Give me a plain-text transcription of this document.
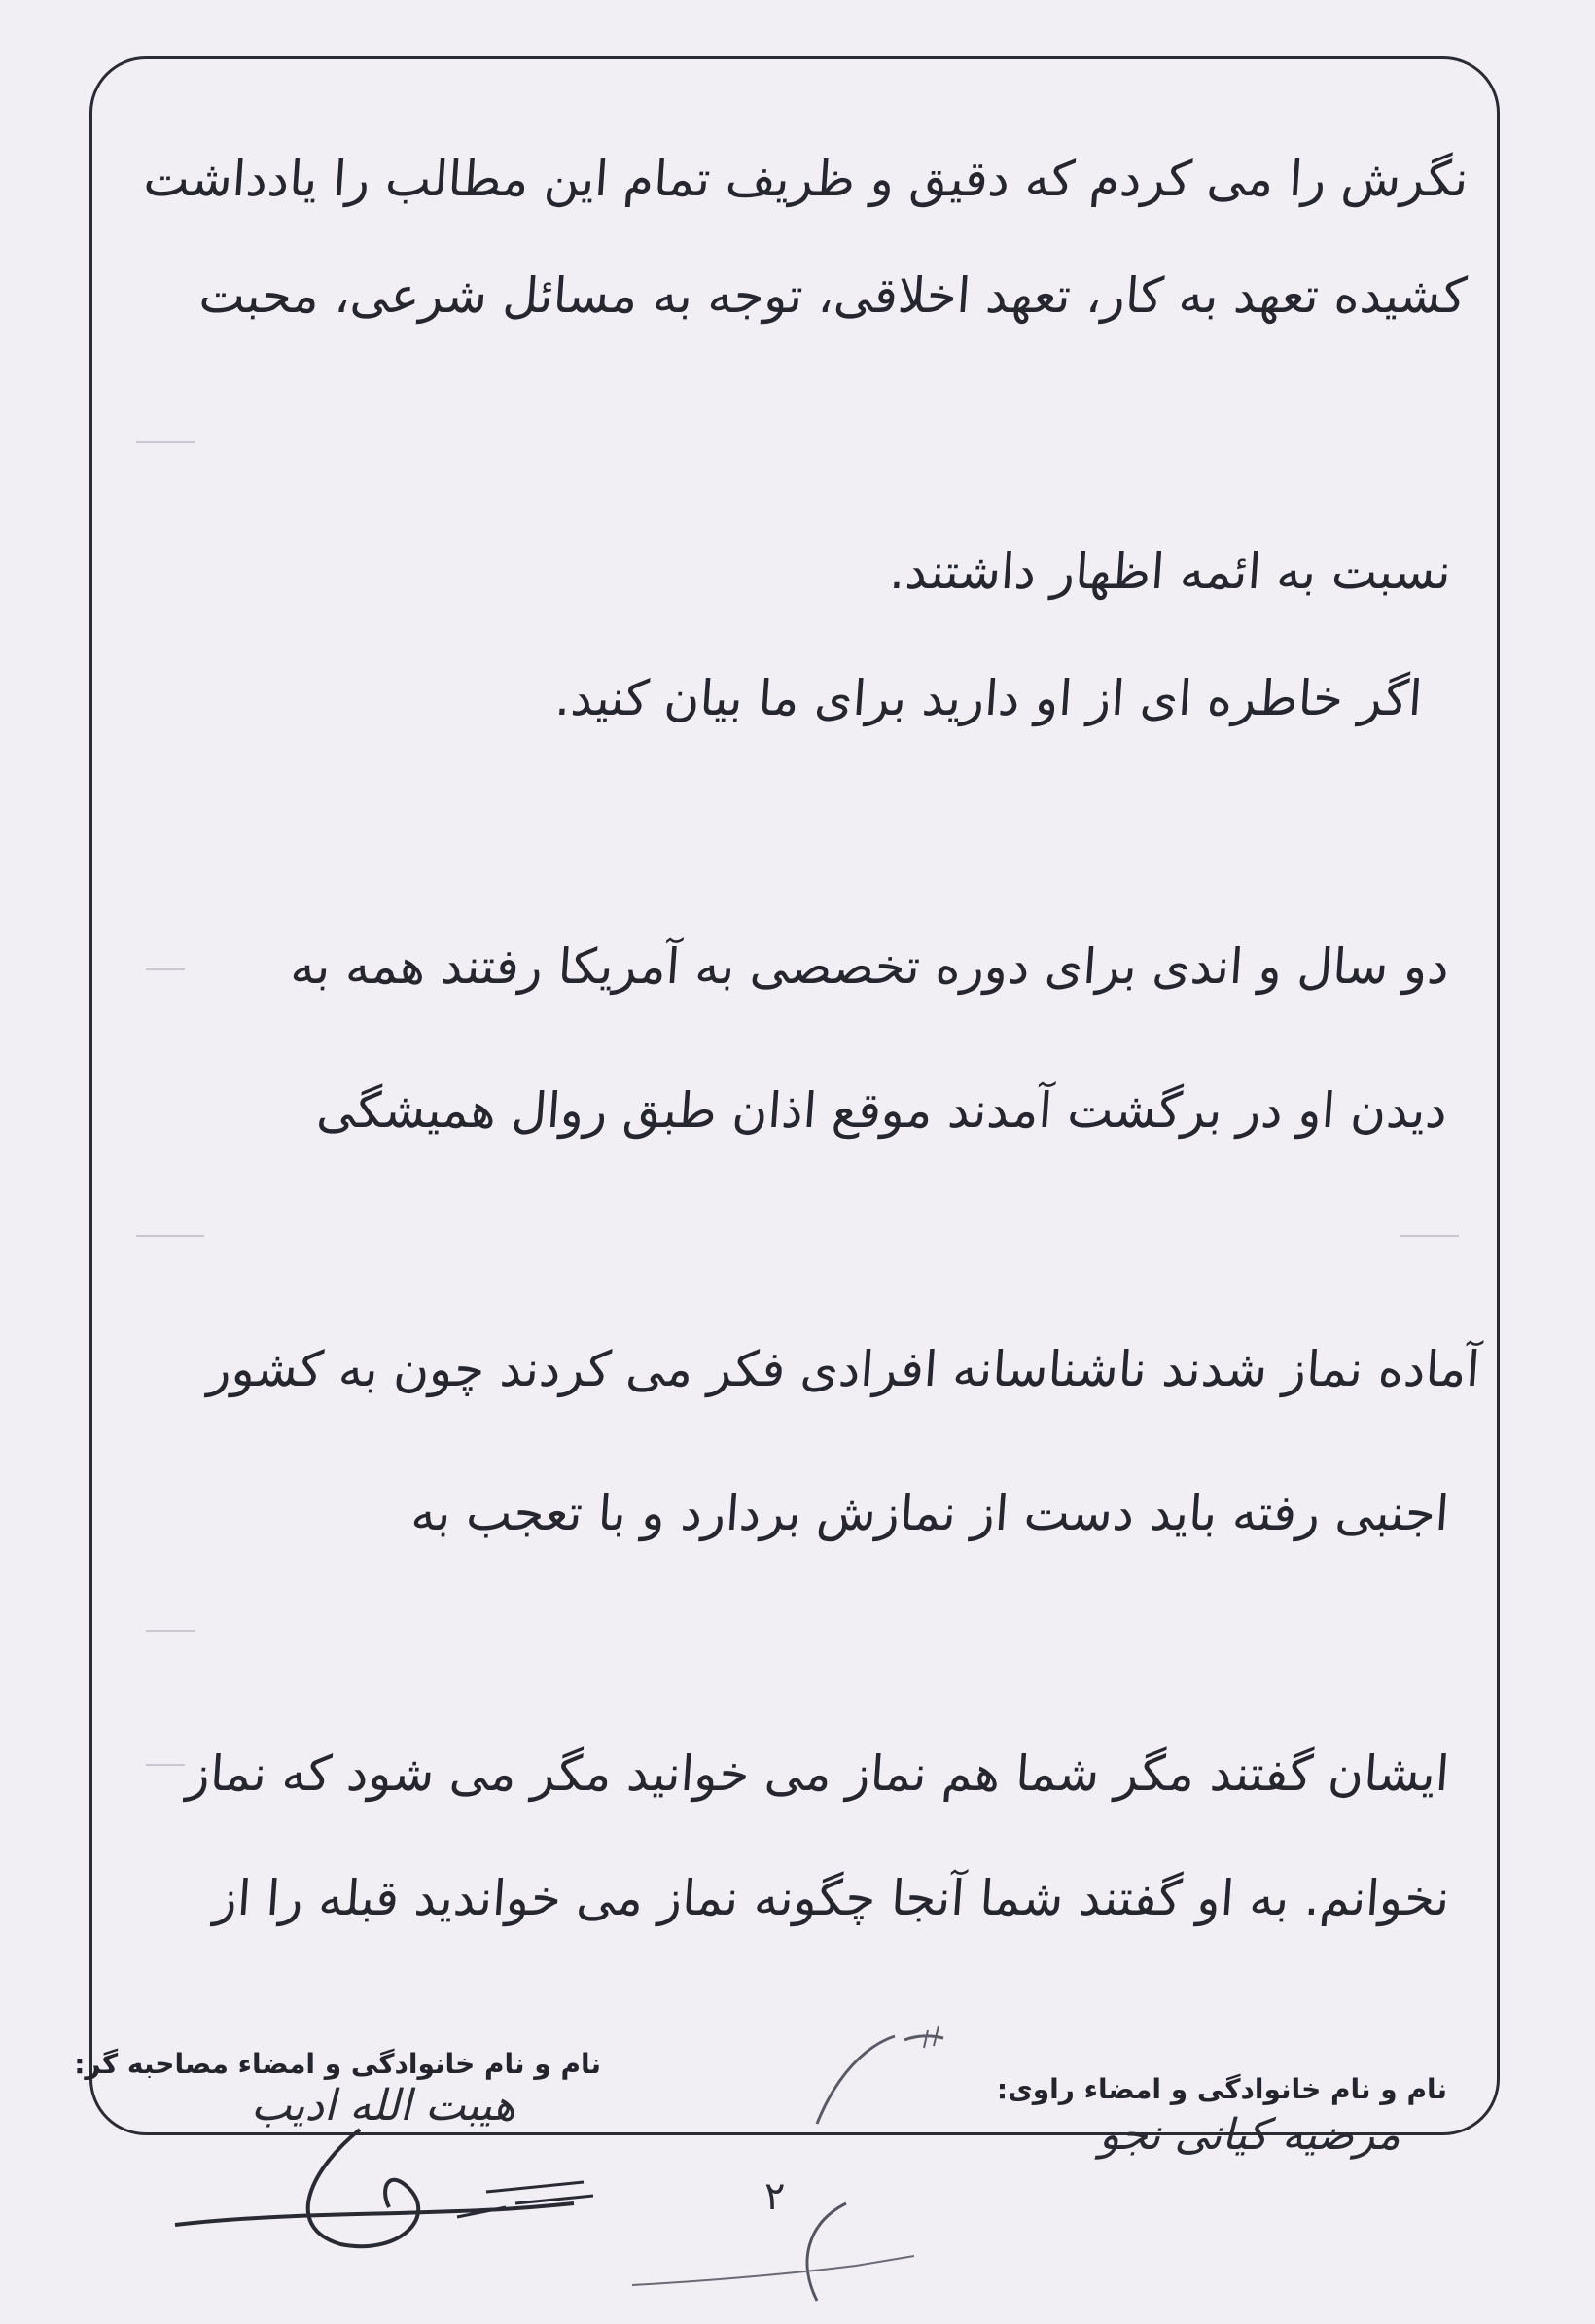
نگرش را می کردم که دقیق و ظریف تمام این مطالب را یادداشت
کشیده تعهد به کار، تعهد اخلاقی، توجه به مسائل شرعی، محبت
نسبت به ائمه اظهار داشتند.
اگر خاطره ای از او دارید برای ما بیان کنید.
دو سال و اندی برای دوره تخصصی به آمریکا رفتند همه به
دیدن او در برگشت آمدند موقع اذان طبق روال همیشگی
آماده نماز شدند ناشناسانه افرادی فکر می کردند چون به کشور
اجنبی رفته باید دست از نمازش بردارد و با تعجب به
ایشان گفتند مگر شما هم نماز می خوانید مگر می شود که نماز
نخوانم. به او گفتند شما آنجا چگونه نماز می خواندید قبله را از
نام و نام خانوادگی و امضاء مصاحبه گر:
هیبت الله ادیب	نام و نام خانوادگی و امضاء راوی:
مرضیه کیانی نجو
۲
